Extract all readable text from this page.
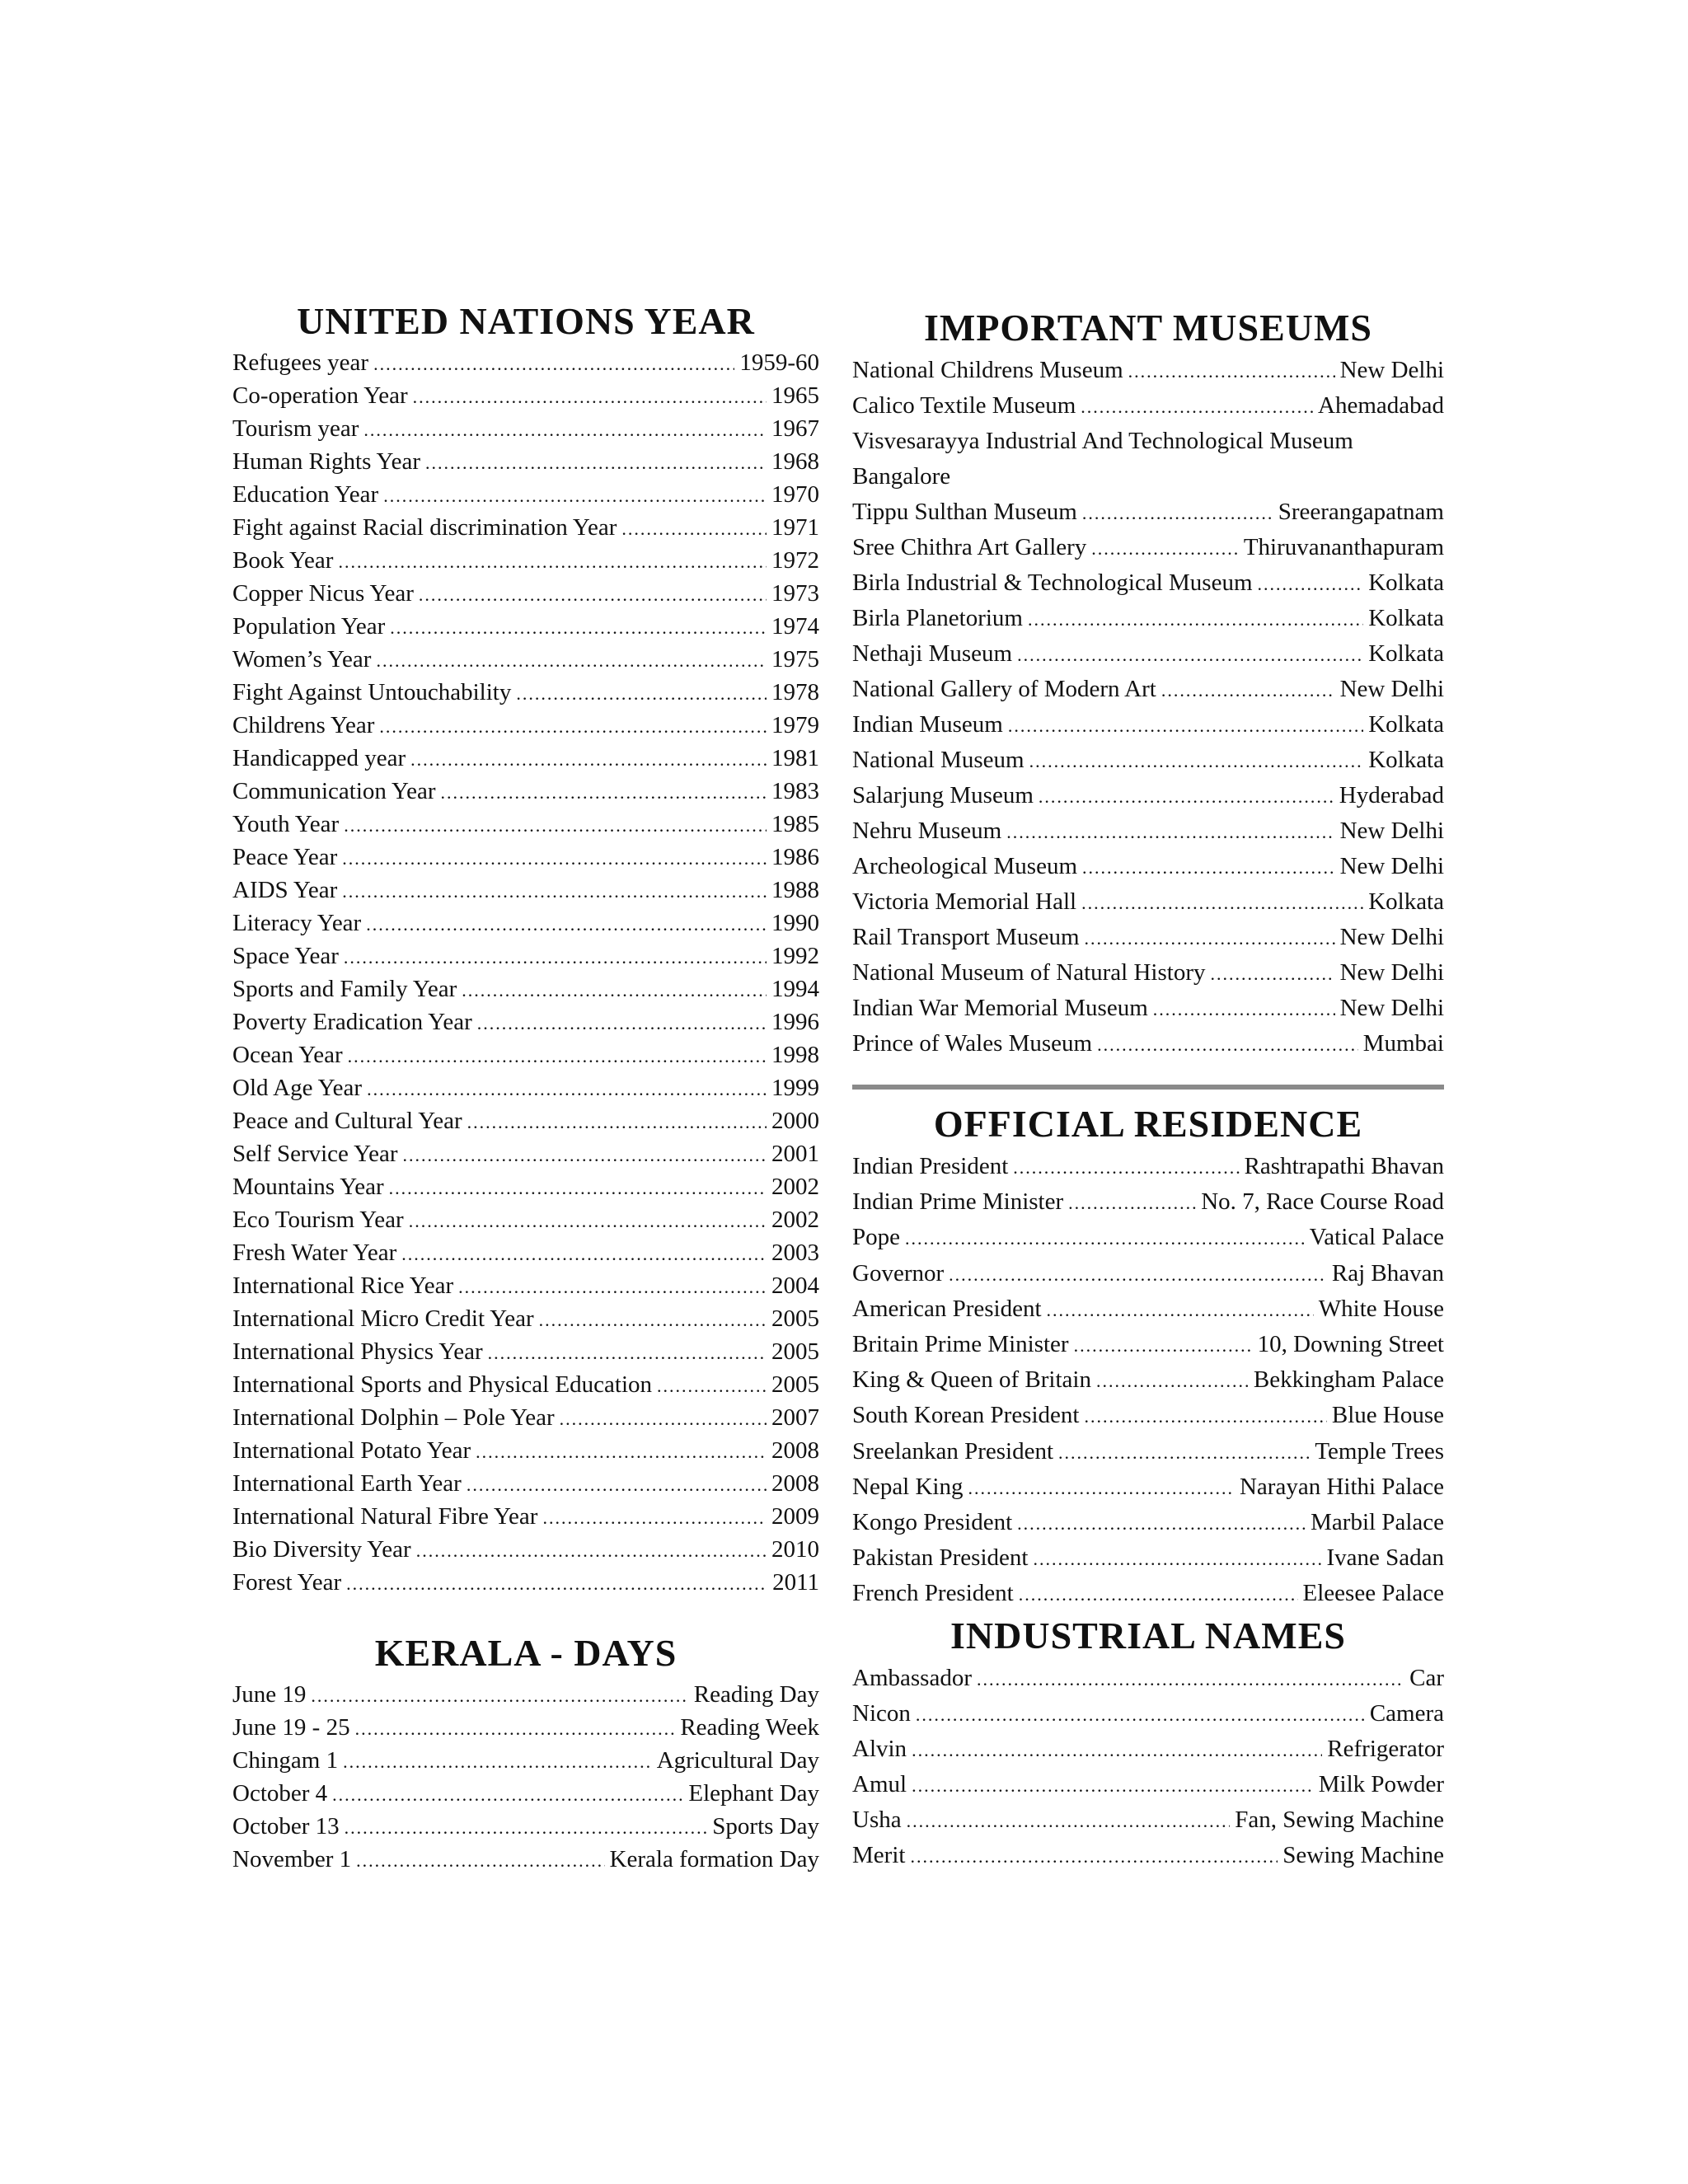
UNITED NATIONS YEAR
Refugees year .....	1959-60
Co-operation Year .....	1965
Tourism year .....	1967
Human Rights Year .....	1968
Education Year .....	1970
Fight against Racial discrimination Year .....	1971
Book Year .....	1972
Copper Nicus Year .....	1973
Population Year .....	1974
Women’s Year .....	1975
Fight Against Untouchability .....	1978
Childrens Year .....	1979
Handicapped year .....	1981
Communication Year .....	1983
Youth Year .....	1985
Peace Year .....	1986
AIDS Year .....	1988
Literacy Year .....	1990
Space Year .....	1992
Sports and Family Year .....	1994
Poverty Eradication Year .....	1996
Ocean Year .....	1998
Old Age Year .....	1999
Peace and Cultural Year .....	2000
Self Service Year .....	2001
Mountains Year .....	2002
Eco Tourism Year .....	2002
Fresh Water Year .....	2003
International Rice Year .....	2004
International Micro Credit Year .....	2005
International Physics Year .....	2005
International Sports and Physical Education .....	2005
International Dolphin – Pole Year .....	2007
International Potato Year .....	2008
International Earth Year .....	2008
International Natural Fibre Year .....	2009
Bio Diversity Year .....	2010
Forest Year .....	2011
KERALA - DAYS
June 19 .....	Reading Day
June 19 - 25 .....	Reading Week
Chingam 1 .....	Agricultural Day
October 4 .....	Elephant Day
October 13 .....	Sports Day
November 1 .....	Kerala formation Day
IMPORTANT MUSEUMS
National Childrens Museum .....	New Delhi
Calico Textile Museum .....	Ahemadabad
Visvesarayya Industrial And Technological Museum Bangalore
Tippu Sulthan Museum .....	Sreerangapatnam
Sree Chithra Art Gallery .....	Thiruvananthapuram
Birla Industrial & Technological Museum .....	Kolkata
Birla Planetorium .....	Kolkata
Nethaji Museum .....	Kolkata
National Gallery of Modern Art .....	New Delhi
Indian Museum .....	Kolkata
National Museum .....	Kolkata
Salarjung Museum .....	Hyderabad
Nehru Museum .....	New Delhi
Archeological Museum .....	New Delhi
Victoria Memorial Hall .....	Kolkata
Rail Transport Museum .....	New Delhi
National Museum of Natural History .....	New Delhi
Indian War Memorial Museum .....	New Delhi
Prince of Wales Museum .....	Mumbai
OFFICIAL RESIDENCE
Indian President .....	Rashtrapathi Bhavan
Indian Prime Minister .....	No. 7, Race Course Road
Pope .....	Vatical Palace
Governor .....	Raj Bhavan
American President .....	White House
Britain Prime Minister .....	10, Downing Street
King & Queen of Britain .....	Bekkingham Palace
South Korean President .....	Blue House
Sreelankan President .....	Temple Trees
Nepal King .....	Narayan Hithi Palace
Kongo President .....	Marbil Palace
Pakistan President .....	Ivane Sadan
French President .....	Eleesee Palace
INDUSTRIAL NAMES
Ambassador .....	Car
Nicon .....	Camera
Alvin .....	Refrigerator
Amul .....	Milk Powder
Usha .....	Fan, Sewing Machine
Merit .....	Sewing Machine
